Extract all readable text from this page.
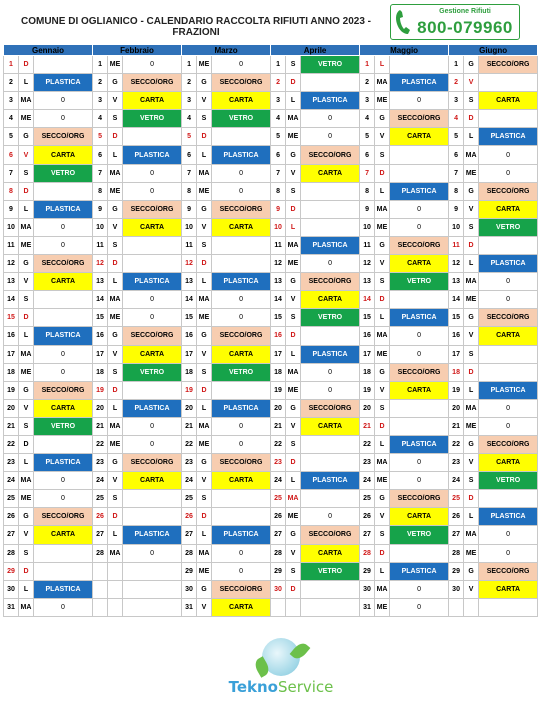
COMUNE DI OGLIANICO - CALENDARIO RACCOLTA RIFIUTI ANNO 2023 - FRAZIONI
Gestione Rifiuti
800-079960
Gennaio			Febbraio			Marzo			Aprile			Maggio			Giugno		
1	D		1	ME	0	1	ME	0	1	S	VETRO	1	L		1	G	SECCO/ORG
2	L	PLASTICA	2	G	SECCO/ORG	2	G	SECCO/ORG	2	D		2	MA	PLASTICA	2	V	
3	MA	0	3	V	CARTA	3	V	CARTA	3	L	PLASTICA	3	ME	0	3	S	CARTA
4	ME	0	4	S	VETRO	4	S	VETRO	4	MA	0	4	G	SECCO/ORG	4	D	
5	G	SECCO/ORG	5	D		5	D		5	ME	0	5	V	CARTA	5	L	PLASTICA
6	V	CARTA	6	L	PLASTICA	6	L	PLASTICA	6	G	SECCO/ORG	6	S		6	MA	0
7	S	VETRO	7	MA	0	7	MA	0	7	V	CARTA	7	D		7	ME	0
8	D		8	ME	0	8	ME	0	8	S		8	L	PLASTICA	8	G	SECCO/ORG
9	L	PLASTICA	9	G	SECCO/ORG	9	G	SECCO/ORG	9	D		9	MA	0	9	V	CARTA
10	MA	0	10	V	CARTA	10	V	CARTA	10	L		10	ME	0	10	S	VETRO
11	ME	0	11	S		11	S		11	MA	PLASTICA	11	G	SECCO/ORG	11	D	
12	G	SECCO/ORG	12	D		12	D		12	ME	0	12	V	CARTA	12	L	PLASTICA
13	V	CARTA	13	L	PLASTICA	13	L	PLASTICA	13	G	SECCO/ORG	13	S	VETRO	13	MA	0
14	S		14	MA	0	14	MA	0	14	V	CARTA	14	D		14	ME	0
15	D		15	ME	0	15	ME	0	15	S	VETRO	15	L	PLASTICA	15	G	SECCO/ORG
16	L	PLASTICA	16	G	SECCO/ORG	16	G	SECCO/ORG	16	D		16	MA	0	16	V	CARTA
17	MA	0	17	V	CARTA	17	V	CARTA	17	L	PLASTICA	17	ME	0	17	S	
18	ME	0	18	S	VETRO	18	S	VETRO	18	MA	0	18	G	SECCO/ORG	18	D	
19	G	SECCO/ORG	19	D		19	D		19	ME	0	19	V	CARTA	19	L	PLASTICA
20	V	CARTA	20	L	PLASTICA	20	L	PLASTICA	20	G	SECCO/ORG	20	S		20	MA	0
21	S	VETRO	21	MA	0	21	MA	0	21	V	CARTA	21	D		21	ME	0
22	D		22	ME	0	22	ME	0	22	S		22	L	PLASTICA	22	G	SECCO/ORG
23	L	PLASTICA	23	G	SECCO/ORG	23	G	SECCO/ORG	23	D		23	MA	0	23	V	CARTA
24	MA	0	24	V	CARTA	24	V	CARTA	24	L	PLASTICA	24	ME	0	24	S	VETRO
25	ME	0	25	S		25	S		25	MA		25	G	SECCO/ORG	25	D	
26	G	SECCO/ORG	26	D		26	D		26	ME	0	26	V	CARTA	26	L	PLASTICA
27	V	CARTA	27	L	PLASTICA	27	L	PLASTICA	27	G	SECCO/ORG	27	S	VETRO	27	MA	0
28	S		28	MA	0	28	MA	0	28	V	CARTA	28	D		28	ME	0
29	D					29	ME	0	29	S	VETRO	29	L	PLASTICA	29	G	SECCO/ORG
30	L	PLASTICA				30	G	SECCO/ORG	30	D		30	MA	0	30	V	CARTA
31	MA	0				31	V	CARTA				31	ME	0			
TeknoService
